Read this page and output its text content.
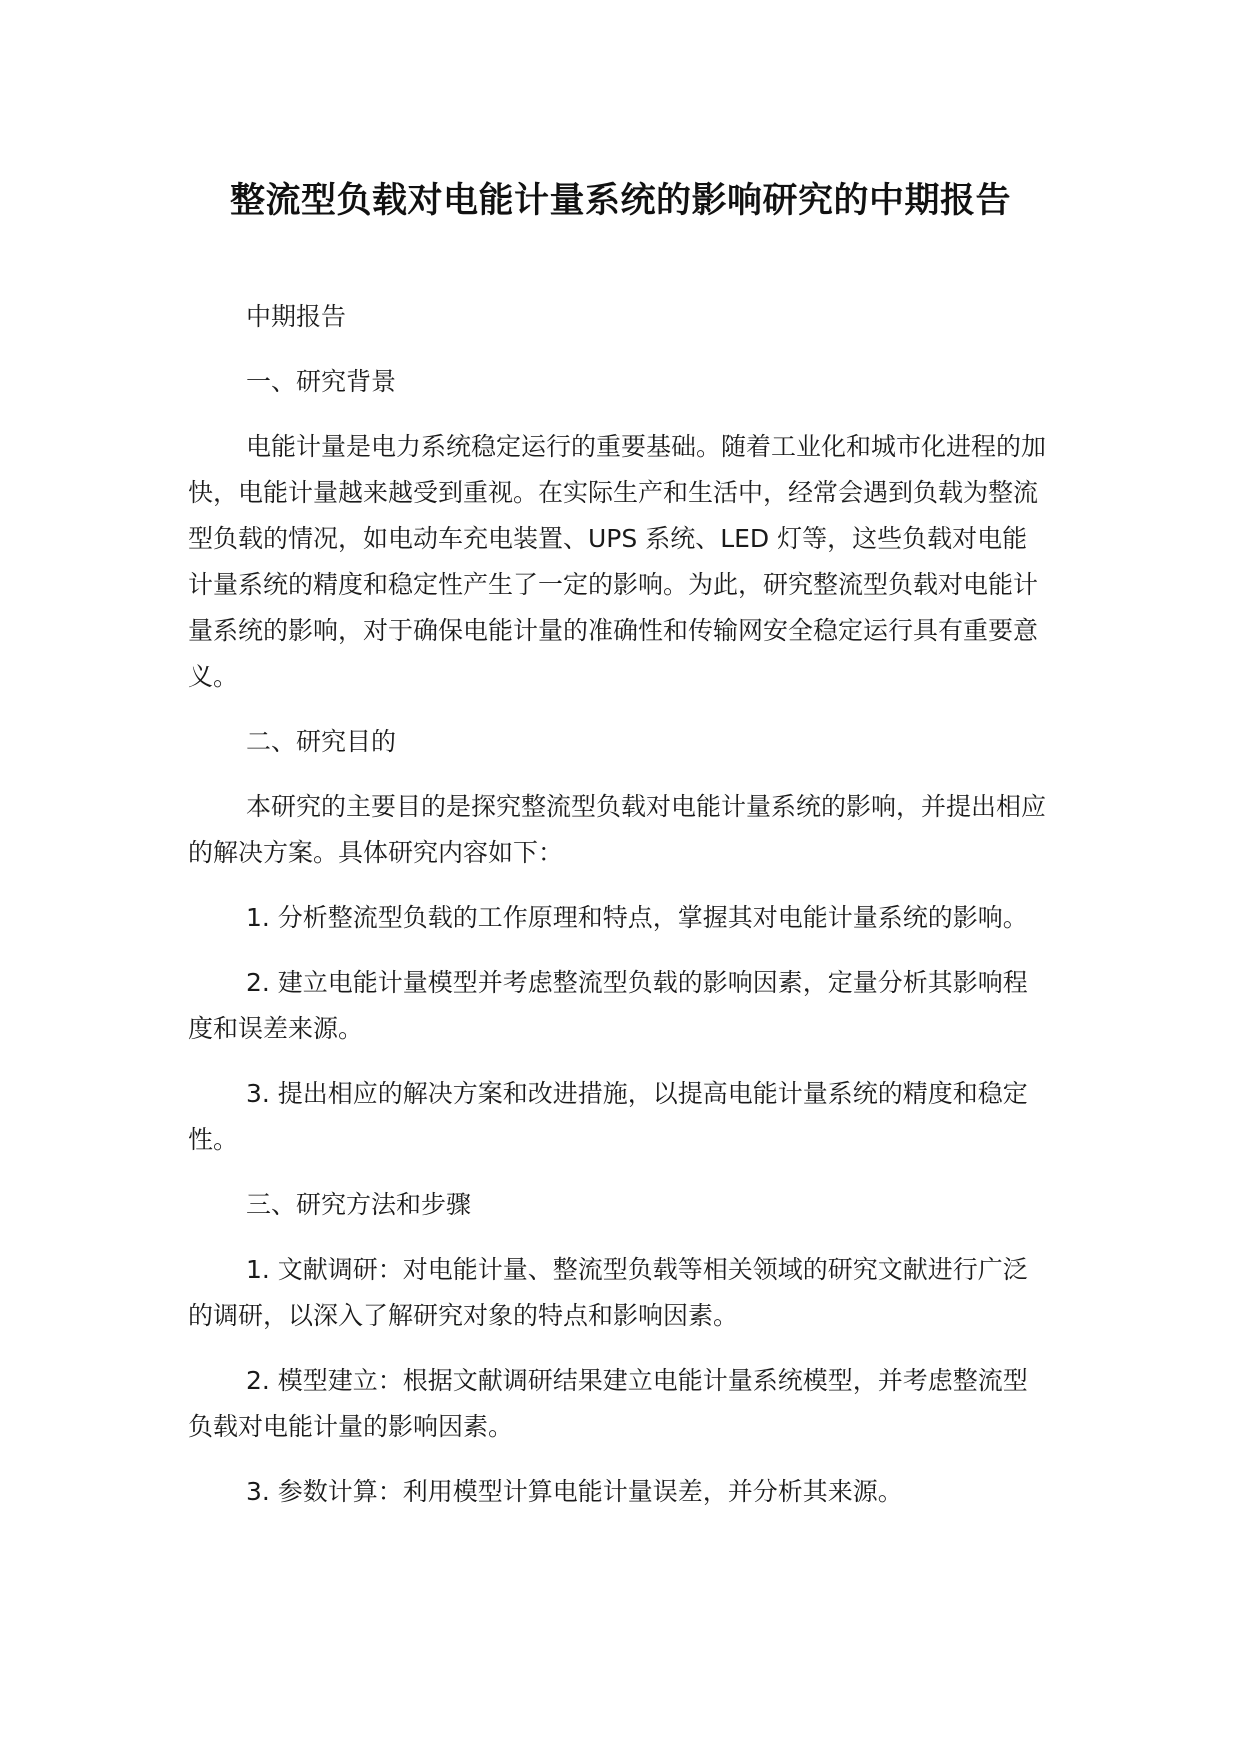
整流型负载对电能计量系统的影响研究的中期报告

中期报告

一、研究背景

电能计量是电力系统稳定运行的重要基础。随着工业化和城市化进程的加快，电能计量越来越受到重视。在实际生产和生活中，经常会遇到负载为整流型负载的情况，如电动车充电装置、UPS 系统、LED 灯等，这些负载对电能计量系统的精度和稳定性产生了一定的影响。为此，研究整流型负载对电能计量系统的影响，对于确保电能计量的准确性和传输网安全稳定运行具有重要意义。

二、研究目的

本研究的主要目的是探究整流型负载对电能计量系统的影响，并提出相应的解决方案。具体研究内容如下：

1. 分析整流型负载的工作原理和特点，掌握其对电能计量系统的影响。

2. 建立电能计量模型并考虑整流型负载的影响因素，定量分析其影响程度和误差来源。

3. 提出相应的解决方案和改进措施，以提高电能计量系统的精度和稳定性。

三、研究方法和步骤

1. 文献调研：对电能计量、整流型负载等相关领域的研究文献进行广泛的调研，以深入了解研究对象的特点和影响因素。

2. 模型建立：根据文献调研结果建立电能计量系统模型，并考虑整流型负载对电能计量的影响因素。

3. 参数计算：利用模型计算电能计量误差，并分析其来源。
